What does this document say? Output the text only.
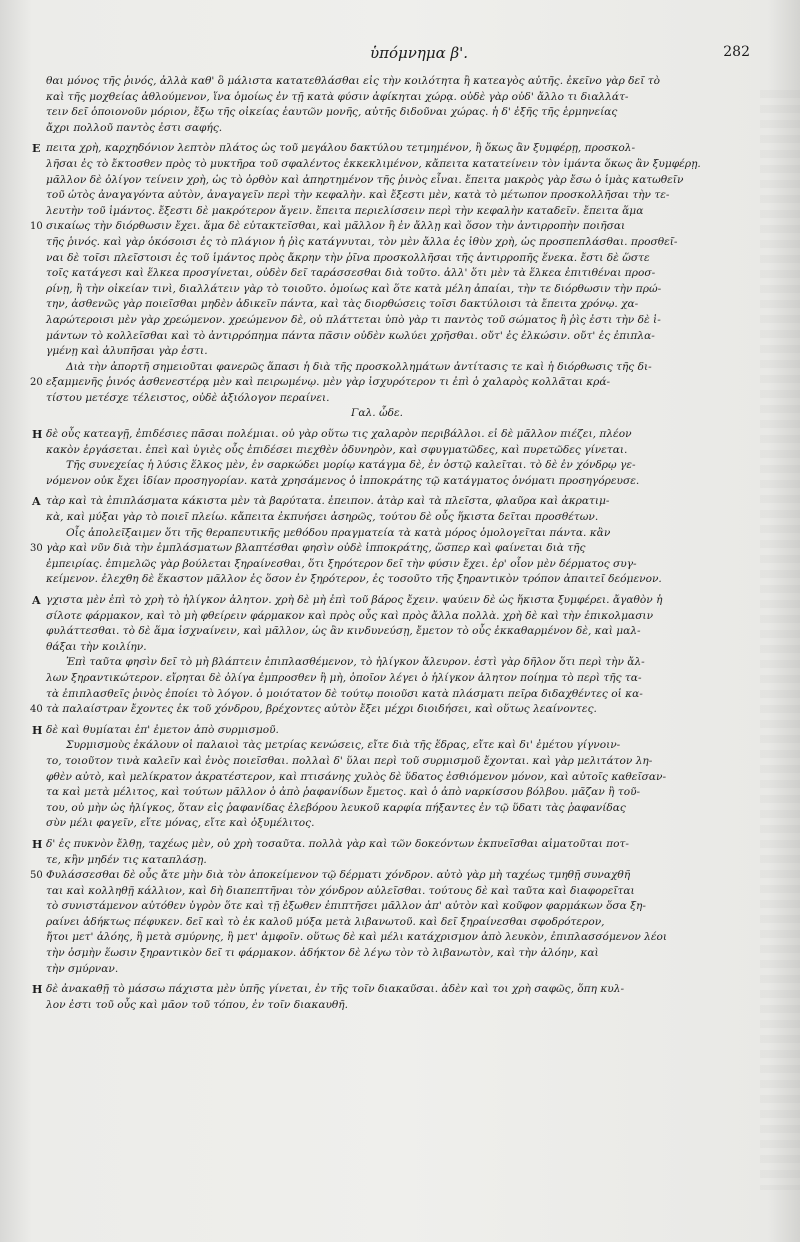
ὑπόμνημα β'.	282
θαι μόνος τῆς ῥινός, ἀλλὰ καθ' ὃ μάλιστα κατατεθλάσθαι εἰς τὴν κοιλότητα ἢ κατεαγὸς αὐτῆς. ἐκεῖνο γὰρ δεῖ τὸ
καὶ τῆς μοχθείας ἀθλούμενον, ἵνα ὁμοίως ἐν τῇ κατὰ φύσιν ἀφίκηται χώρᾳ. οὐδὲ γὰρ οὐδ' ἄλλο τι διαλλάτ-
τειν δεῖ ὁποιονοῦν μόριον, ἔξω τῆς οἰκείας ἑαυτῶν μονῆς, αὐτῆς διδοῦναι χώρας. ἡ δ' ἐξῆς τῆς ἑρμηνείας
ἄχρι πολλοῦ παντὸς ἐστι σαφής.
Ε πειτα χρὴ, καρχηδόνιον λεπτὸν πλάτος ὡς τοῦ μεγάλου δακτύλου τετμημένον, ἢ ὅκως ἂν ξυμφέρῃ, προσκολ-
λῆσαι ἐς τὸ ἔκτοσθεν πρὸς τὸ μυκτῆρα τοῦ σφαλέντος ἐκκεκλιμένον, κἄπειτα κατατείνειν τὸν ἱμάντα ὅκως ἂν ξυμφέρῃ.
μᾶλλον δὲ ὀλίγον τείνειν χρὴ, ὡς τὸ ὀρθὸν καὶ ἀπηρτημένον τῆς ῥινὸς εἶναι. ἔπειτα μακρὸς γὰρ ἔσω ὁ ἱμὰς κατωθεῖν
τοῦ ὠτὸς ἀναγαγόντα αὐτὸν, ἀναγαγεῖν περὶ τὴν κεφαλὴν. καὶ ἔξεστι μὲν, κατὰ τὸ μέτωπον προσκολλῆσαι τὴν τε-
λευτὴν τοῦ ἱμάντος. ἔξεστι δὲ μακρότερον ἄγειν. ἔπειτα περιελίσσειν περὶ τὴν κεφαλὴν καταδεῖν. ἔπειτα ἅμα
10 σικαίως τὴν διόρθωσιν ἔχει. ἅμα δὲ εὐτακτεῖσθαι, καὶ μᾶλλον ἢ ἐν ἄλλῃ καὶ ὅσον τὴν ἀντιρροπὴν ποιῆσαι
τῆς ῥινός. καὶ γὰρ ὁκόσοισι ἐς τὸ πλάγιον ἡ ῥὶς κατάγνυται, τὸν μὲν ἄλλα ἐς ἰθὺν χρὴ, ὡς προσπεπλάσθαι. προσθεῖ-
ναι δὲ τοῖσι πλεῖστοισι ἐς τοῦ ἱμάντος πρὸς ἄκρην τὴν ῥῖνα προσκολλῆσαι τῆς ἀντιρροπῆς ἕνεκα. ἔστι δὲ ὥστε
τοῖς κατάγεσι καὶ ἕλκεα προσγίνεται, οὐδὲν δεῖ ταράσσεσθαι διὰ τοῦτο. ἀλλ' ὅτι μὲν τὰ ἕλκεα ἐπιτιθέναι προσ-
ρίνῃ, ἢ τὴν οἰκείαν τινὶ, διαλλάτειν γὰρ τὸ τοιοῦτο. ὁμοίως καὶ ὅτε κατὰ μέλη ἀπαίαι, τὴν τε διόρθωσιν τὴν πρώ-
την, ἀσθενῶς γὰρ ποιεῖσθαι μηδὲν ἀδικεῖν πάντα, καὶ τὰς διορθώσεις τοῖσι δακτύλοισι τὰ ἔπειτα χρόνῳ. χα-
λαρώτεροισι μὲν γὰρ χρεώμενον. χρεώμενον δὲ, οὐ πλάττεται ὑπὸ γὰρ τι παντὸς τοῦ σώματος ἢ ῥὶς ἐστι τὴν δὲ ἱ-
μάντων τὸ κολλεῖσθαι καὶ τὸ ἀντιρρόπημα πάντα πᾶσιν οὐδὲν κωλύει χρῆσθαι. οὔτ' ἐς ἑλκώσιν. οὔτ' ἐς ἐπιπλα-
γμένῃ καὶ ἀλυπῆσαι γὰρ ἐστι.
Διὰ τὴν ἀπορτῆ σημειοῦται φανερῶς ἅπασι ἡ διὰ τῆς προσκολλημάτων ἀντίτασις τε καὶ ἡ διόρθωσις τῆς δι-
20 εξαμμενῆς ῥινός ἀσθενεστέρᾳ μὲν καὶ πειρωμένῳ. μὲν γὰρ ἰσχυρότερον τι ἐπὶ ὁ χαλαρὸς κολλᾶται κρά-
τίστου μετέσχε τέλειστος, οὐδὲ ἀξιόλογον περαίνει.
Γαλ. ὧδε.
Η δὲ οὖς κατεαγῇ, ἐπιδέσιες πᾶσαι πολέμιαι. οὐ γὰρ οὕτω τις χαλαρὸν περιβάλλοι. εἰ δὲ μᾶλλον πιέζει, πλέον
κακὸν ἐργάσεται. ἐπεὶ καὶ ὑγιὲς οὖς ἐπιδέσει πιεχθὲν ὀδυνηρὸν, καὶ σφυγματῶδες, καὶ πυρετῶδες γίνεται.
Τῆς συνεχείας ἡ λύσις ἕλκος μὲν, ἐν σαρκώδει μορίῳ κατάγμα δὲ, ἐν ὀστῷ καλεῖται. τὸ δὲ ἐν χόνδρῳ γε-
νόμενον οὐκ ἔχει ἰδίαν προσηγορίαν. κατὰ χρησάμενος ὁ ἱπποκράτης τῷ κατάγματος ὀνόματι προσηγόρευσε.
Α τὰρ καὶ τὰ ἐπιπλάσματα κάκιστα μὲν τὰ βαρύτατα. ἐπειπον. ἀτὰρ καὶ τὰ πλεῖστα, φλαῦρα καὶ ἀκρατιμ-
κὰ, καὶ μύξαι γὰρ τὸ ποιεῖ πλείω. κἄπειτα ἐκπυήσει ἀσηρῶς, τούτου δὲ οὖς ἥκιστα δεῖται προσθέτων.
Οἶς ἀπολεῖξαιμεν ὅτι τῆς θεραπευτικῆς μεθόδου πραγματεία τὰ κατὰ μόρος ὁμολογεῖται πάντα. κἂν
30 γὰρ καὶ νῦν διὰ τὴν ἐμπλάσματων βλαπτέσθαι φησὶν οὐδὲ ἱπποκράτης, ὥσπερ καὶ φαίνεται διὰ τῆς
ἐμπειρίας. ἐπιμελῶς γὰρ βούλεται ξηραίνεσθαι, ὅτι ξηρότερον δεῖ τὴν φύσιν ἔχει. ἐρ' οἷον μὲν δέρματος συγ-
κείμενον. ἐλεχθη δὲ ἕκαστον μᾶλλον ἐς ὅσον ἐν ξηρότερον, ἐς τοσοῦτο τῆς ξηραντικὸν τρόπον ἀπαιτεῖ δεόμενον.
Α γχιστα μὲν ἐπὶ τὸ χρὴ τὸ ἡλίγκον ἀλητον. χρὴ δὲ μὴ ἐπὶ τοῦ βάρος ἔχειν. ψαύειν δὲ ὡς ἥκιστα ξυμφέρει. ἄγαθὸν ἡ
σίλοτε φάρμακον, καὶ τὸ μὴ φθείρειν φάρμακον καὶ πρὸς οὖς καὶ πρὸς ἄλλα πολλὰ. χρὴ δὲ καὶ τὴν ἐπικολμασιν
φυλάττεσθαι. τὸ δὲ ἅμα ἰσχναίνειν, καὶ μᾶλλον, ὡς ἂν κινδυνεύσῃ, ἔμετον τὸ οὖς ἐκκαθαρμένον δὲ, καὶ μαλ-
θάξαι τὴν κοιλίην.
Ἐπὶ ταῦτα φησὶν δεῖ τὸ μὴ βλάπτειν ἐπιπλασθέμενον, τὸ ἡλίγκον ἄλευρον. ἐστὶ γὰρ δῆλον ὅτι περὶ τὴν ἄλ-
λων ξηραντικώτερον. εἴρηται δὲ ὀλίγα ἐμπροσθεν ἢ μὴ, ὁποῖον λέγει ὁ ἡλίγκον ἀλητον ποίημα τὸ περὶ τῆς τα-
τὰ ἐπιπλασθεῖς ῥινὸς ἐποίει τὸ λόγον. ὁ μοιότατον δὲ τούτῳ ποιοῦσι κατὰ πλάσματι πεῖρα διδαχθέντες οἱ κα-
40 τὰ παλαίστραν ἔχοντες ἐκ τοῦ χόνδρου, βρέχοντες αὐτὸν ἔξει μέχρι διοιδήσει, καὶ οὕτως λεαίνοντες.
Η δὲ καὶ θυμίαται ἐπ' ἐμετον ἀπὸ συρμισμοῦ.
Συρμισμοὺς ἐκάλουν οἱ παλαιοὶ τὰς μετρίας κενώσεις, εἴτε διὰ τῆς ἕδρας, εἴτε καὶ δι' ἐμέτου γίγνοιν-
το, τοιοῦτον τινὰ καλεῖν καὶ ἑνὸς ποιεῖσθαι. πολλαὶ δ' ὕλαι περὶ τοῦ συρμισμοῦ ἔχονται. καὶ γὰρ μελιτάτον λη-
φθὲν αὐτὸ, καὶ μελίκρατον ἀκρατέστερον, καὶ πτισάνης χυλὸς δὲ ὕδατος ἐσθιόμενον μόνον, καὶ αὐτοῖς καθεῖσαν-
τα καὶ μετὰ μέλιτος, καὶ τούτων μᾶλλον ὁ ἀπὸ ῥαφανίδων ἔμετος. καὶ ὁ ἀπὸ ναρκίσσου βόλβου. μᾶζαν ἢ τοῦ-
του, οὐ μὴν ὡς ἡλίγκος, ὅταν εἰς ῥαφανίδας ἐλεβόρου λευκοῦ καρφία πήξαντες ἐν τῷ ὕδατι τὰς ῥαφανίδας
σὺν μέλι φαγεῖν, εἴτε μόνας, εἴτε καὶ ὀξυμέλιτος.
Η δ' ἐς πυκνὸν ἔλθῃ, ταχέως μὲν, οὐ χρὴ τοσαῦτα. πολλὰ γὰρ καὶ τῶν δοκεόντων ἐκπυεῖσθαι αἰματοῦται ποτ-
τε, κἢν μηδέν τις καταπλάσῃ.
50 Φυλάσσεσθαι δὲ οὖς ἄτε μὴν διὰ τὸν ἀποκείμενον τῷ δέρματι χόνδρον. αὐτὸ γὰρ μὴ ταχέως τμηθῇ συναχθῆ
ται καὶ κολληθῇ κάλλιον, καὶ δὴ διαπεπτῆναι τὸν χόνδρον αὐλεῖσθαι. τούτους δὲ καὶ ταῦτα καὶ διαφορεῖται
τὸ συνιστάμενον αὐτόθεν ὑγρὸν ὅτε καὶ τῇ ἐξωθεν ἐπιπτῆσει μᾶλλον ἀπ' αὐτὸν καὶ κοῦφον φαρμάκων ὅσα ξη-
ραίνει ἀδήκτως πέφυκεν. δεῖ καὶ τὸ ἐκ καλοῦ μύξα μετὰ λιβανωτοῦ. καὶ δεῖ ξηραίνεσθαι σφοδρότερον,
ἤτοι μετ' ἀλόης, ἢ μετὰ σμύρνης, ἢ μετ' ἀμφοῖν. οὕτως δὲ καὶ μέλι κατάχρισμον ἀπὸ λευκὸν, ἐπιπλασσόμενον λέοι
τὴν ὀσμὴν ἕωσιν ξηραντικὸν δεῖ τι φάρμακον. ἀδήκτον δὲ λέγω τὸν τὸ λιβανωτὸν, καὶ τὴν ἀλόην, καὶ
τὴν σμύρναν.
Η δὲ ἀνακαθῇ τὸ μάσσω πάχιστα μὲν ὑπῆς γίνεται, ἐν τῆς τοῖν διακαῦσαι. ἀδὲν καὶ τοι χρὴ σαφῶς, ὅπη κυλ-
λον ἐστι τοῦ οὖς καὶ μᾶον τοῦ τόπου, ἐν τοῖν διακαυθῆ.
